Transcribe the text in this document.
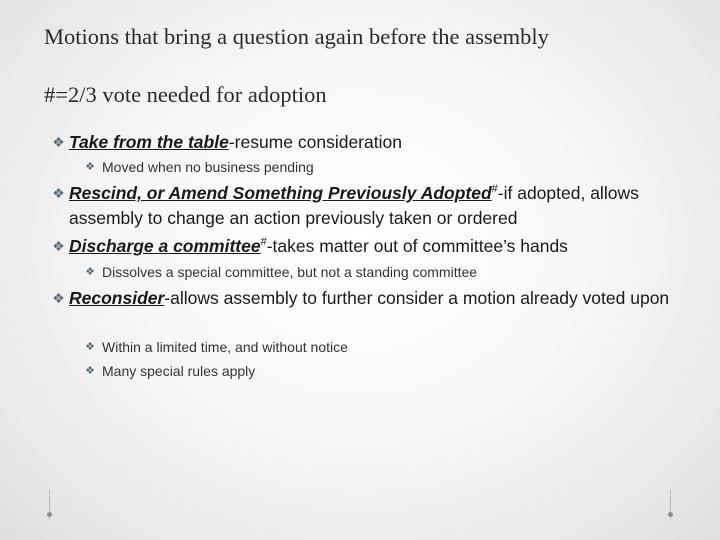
Motions that bring a question again before the assembly
#=2/3 vote needed for adoption
❖ Take from the table-resume consideration
❖ Moved when no business pending
❖ Rescind, or Amend Something Previously Adopted#-if adopted, allows assembly to change an action previously taken or ordered
❖ Discharge a committee#-takes matter out of committee’s hands
❖ Dissolves a special committee, but not a standing committee
❖ Reconsider-allows assembly to further consider a motion already voted upon
❖ Within a limited time, and without notice
❖ Many special rules apply
